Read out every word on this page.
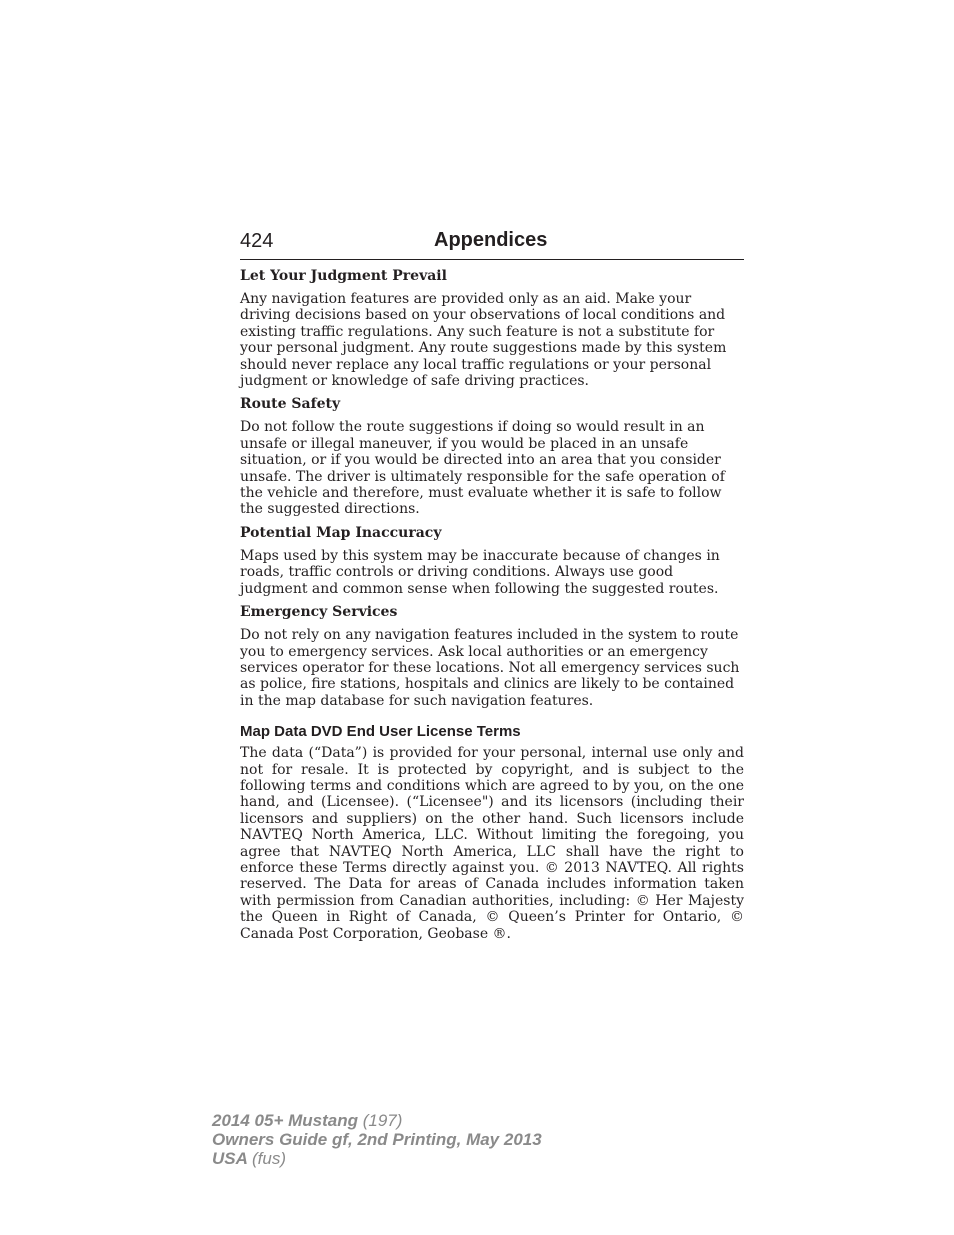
424	Appendices
Let Your Judgment Prevail

Any navigation features are provided only as an aid. Make your driving decisions based on your observations of local conditions and existing traffic regulations. Any such feature is not a substitute for your personal judgment. Any route suggestions made by this system should never replace any local traffic regulations or your personal judgment or knowledge of safe driving practices.

Route Safety

Do not follow the route suggestions if doing so would result in an unsafe or illegal maneuver, if you would be placed in an unsafe situation, or if you would be directed into an area that you consider unsafe. The driver is ultimately responsible for the safe operation of the vehicle and therefore, must evaluate whether it is safe to follow the suggested directions.

Potential Map Inaccuracy

Maps used by this system may be inaccurate because of changes in roads, traffic controls or driving conditions. Always use good judgment and common sense when following the suggested routes.

Emergency Services

Do not rely on any navigation features included in the system to route you to emergency services. Ask local authorities or an emergency services operator for these locations. Not all emergency services such as police, fire stations, hospitals and clinics are likely to be contained in the map database for such navigation features.

Map Data DVD End User License Terms

The data (“Data”) is provided for your personal, internal use only and not for resale. It is protected by copyright, and is subject to the following terms and conditions which are agreed to by you, on the one hand, and (Licensee). (“Licensee") and its licensors (including their licensors and suppliers) on the other hand. Such licensors include NAVTEQ North America, LLC. Without limiting the foregoing, you agree that NAVTEQ North America, LLC shall have the right to enforce these Terms directly against you. © 2013 NAVTEQ. All rights reserved. The Data for areas of Canada includes information taken with permission from Canadian authorities, including: © Her Majesty the Queen in Right of Canada, © Queen’s Printer for Ontario, © Canada Post Corporation, Geobase ®.

2014 05+ Mustang (197)
Owners Guide gf, 2nd Printing, May 2013
USA (fus)
